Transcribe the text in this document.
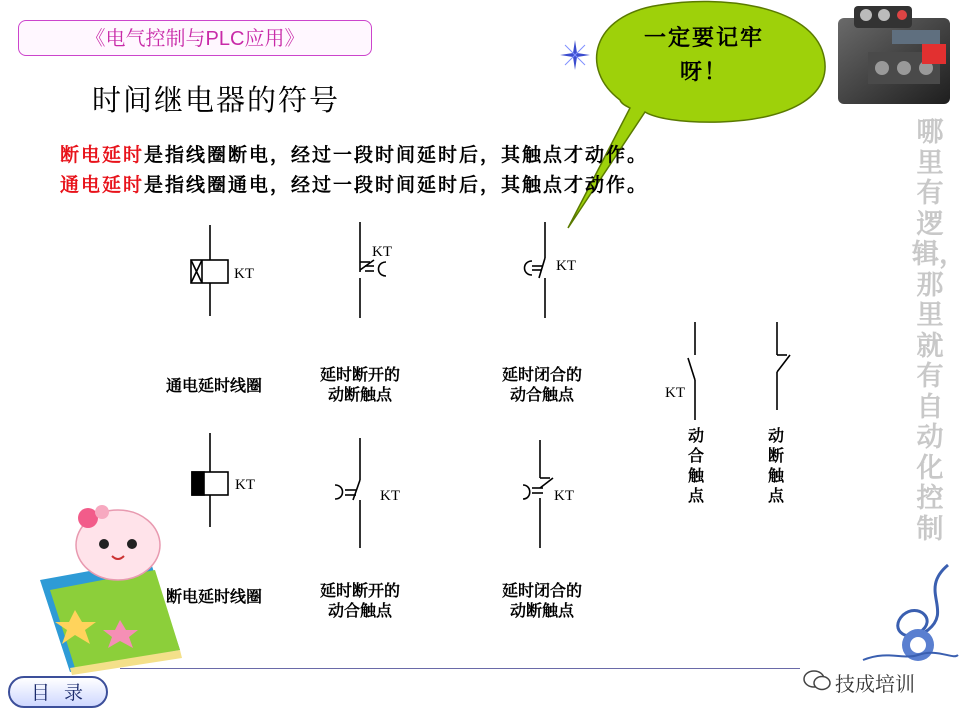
《电气控制与PLC应用》	一定要记牢呀！
时间继电器的符号
断电延时是指线圈断电，经过一段时间延时后，其触点才动作。
通电延时是指线圈通电，经过一段时间延时后，其触点才动作。
KT
KT
KT
KT
KT	KT
KT
通电延时线圈
延时断开的
动断触点
延时闭合的
动合触点
断电延时线圈	延时断开的
动合触点
延时闭合的
动断触点
动合触点
动断触点
哪里有逻辑，那里就有自动化控制
目录	技成培训
